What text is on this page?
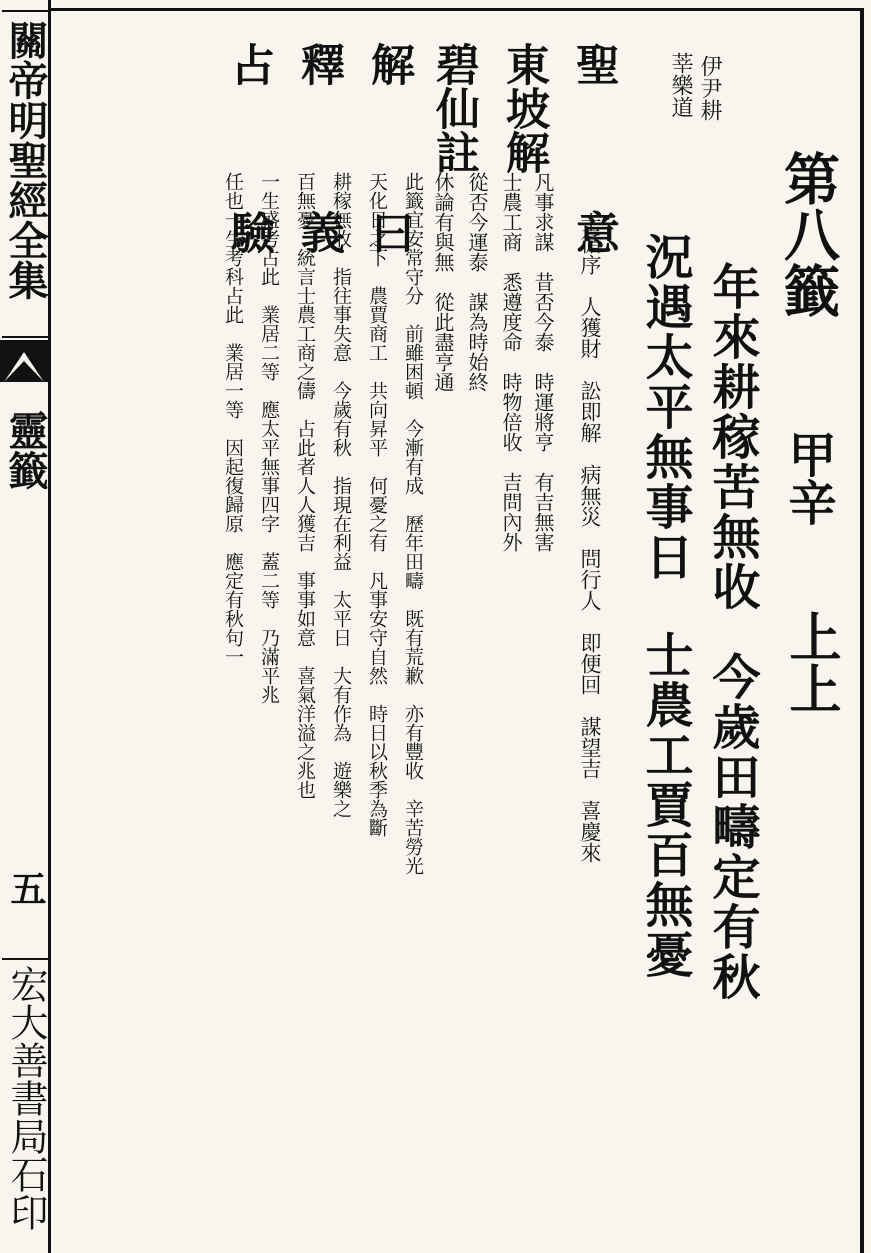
關帝明聖經全集
靈籤
五
宏大善書局石印
第八籤
甲辛
上上
年來耕稼苦無收
況遇太平無事日
今歲田疇定有秋
士農工賈百無憂
伊尹耕
莘樂道
聖　意
東坡解
碧仙註
解　曰
釋　義
占　驗
士循序　人獲財　訟即解　病無災　問行人　即便回　謀望吉　喜慶來
凡事求謀　昔否今泰　時運將亨　有吉無害
士農工商　悉遵度命　時物倍收　吉問內外
從否今運泰　謀為時始終
休論有與無　從此盡亨通
此籤宜安常守分　前雖困頓　今漸有成　歷年田疇　既有荒歉　亦有豐收　辛苦勞光
天化日之下　農賈商工　共向昇平　何憂之有　凡事安守自然　時日以秋季為斷
耕稼無收　指往事失意　今歲有秋　指現在利益　太平日　大有作為　遊樂之
百無憂　統言士農工商之儔　占此者人人獲吉　事事如意　喜氣洋溢之兆也
一生盛考占此　業居二等　應太平無事四字　蓋二等　乃滿平兆
任也一生考科占此　業居一等　因起復歸原　應定有秋句一
